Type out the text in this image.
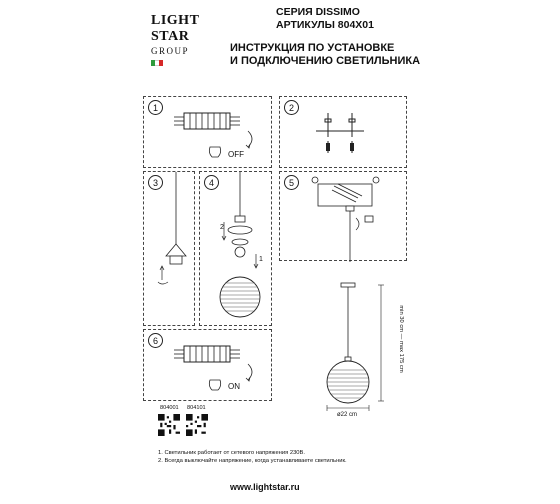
LIGHT
STAR
GROUP
СЕРИЯ DISSIMO
АРТИКУЛЫ 804X01
ИНСТРУКЦИЯ ПО УСТАНОВКЕ
И ПОДКЛЮЧЕНИЮ СВЕТИЛЬНИКА
OFF
1	2
3
2
1
4	5
min 30 cm — max 175 cm
ø22 cm
ON
6
804001 804101
1. Светильник работает от сетевого напряжения 230В.
2. Всегда выключайте напряжение, когда устанавливаете светильник.
www.lightstar.ru
